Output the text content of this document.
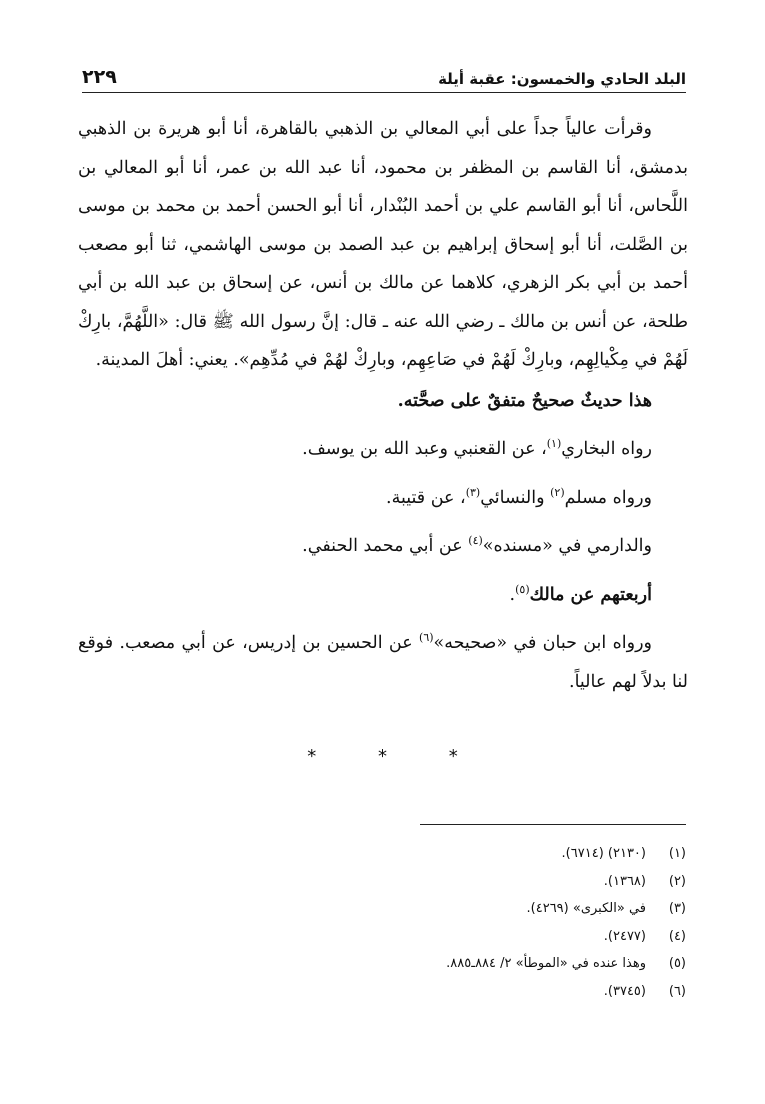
البلد الحادي والخمسون: عقبة أيلة
٢٢٩

وقرأت عالياً جداً على أبي المعالي بن الذهبي بالقاهرة، أنا أبو هريرة بن الذهبي بدمشق، أنا القاسم بن المظفر بن محمود، أنا عبد الله بن عمر، أنا أبو المعالي بن اللَّحاس، أنا أبو القاسم علي بن أحمد البُنْدار، أنا أبو الحسن أحمد بن محمد بن موسى بن الصَّلت، أنا أبو إسحاق إبراهيم بن عبد الصمد بن موسى الهاشمي، ثنا أبو مصعب أحمد بن أبي بكر الزهري، كلاهما عن مالك بن أنس، عن إسحاق بن عبد الله بن أبي طلحة، عن أنس بن مالك ـ رضي الله عنه ـ قال: إنَّ رسول الله ﷺ قال: «اللَّهُمَّ، بارِكْ لَهُمْ في مِكْيالِهِم، وبارِكْ لَهُمْ في صَاعِهِم، وبارِكْ لهُمْ في مُدِّهِم». يعني: أهلَ المدينة.

هذا حديثٌ صحيحٌ متفقٌ على صحَّته.

رواه البخاري$^{(١)}$، عن القعنبي وعبد الله بن يوسف.

ورواه مسلم$^{(٢)}$ والنسائي$^{(٣)}$، عن قتيبة.

والدارمي في «مسنده»$^{(٤)}$ عن أبي محمد الحنفي.

أربعتهم عن مالك$^{(٥)}$.

ورواه ابن حبان في «صحيحه»$^{(٦)}$ عن الحسين بن إدريس، عن أبي مصعب. فوقع لنا بدلاً لهم عالياً.

* * *
(١)
(٢١٣٠) (٦٧١٤).
(٢)
(١٣٦٨).
(٣)
في «الكبرى» (٤٢٦٩).
(٤)
(٢٤٧٧).
(٥)
وهذا عنده في «الموطأ» ٢/ ٨٨٤ـ٨٨٥.
(٦)
(٣٧٤٥).
